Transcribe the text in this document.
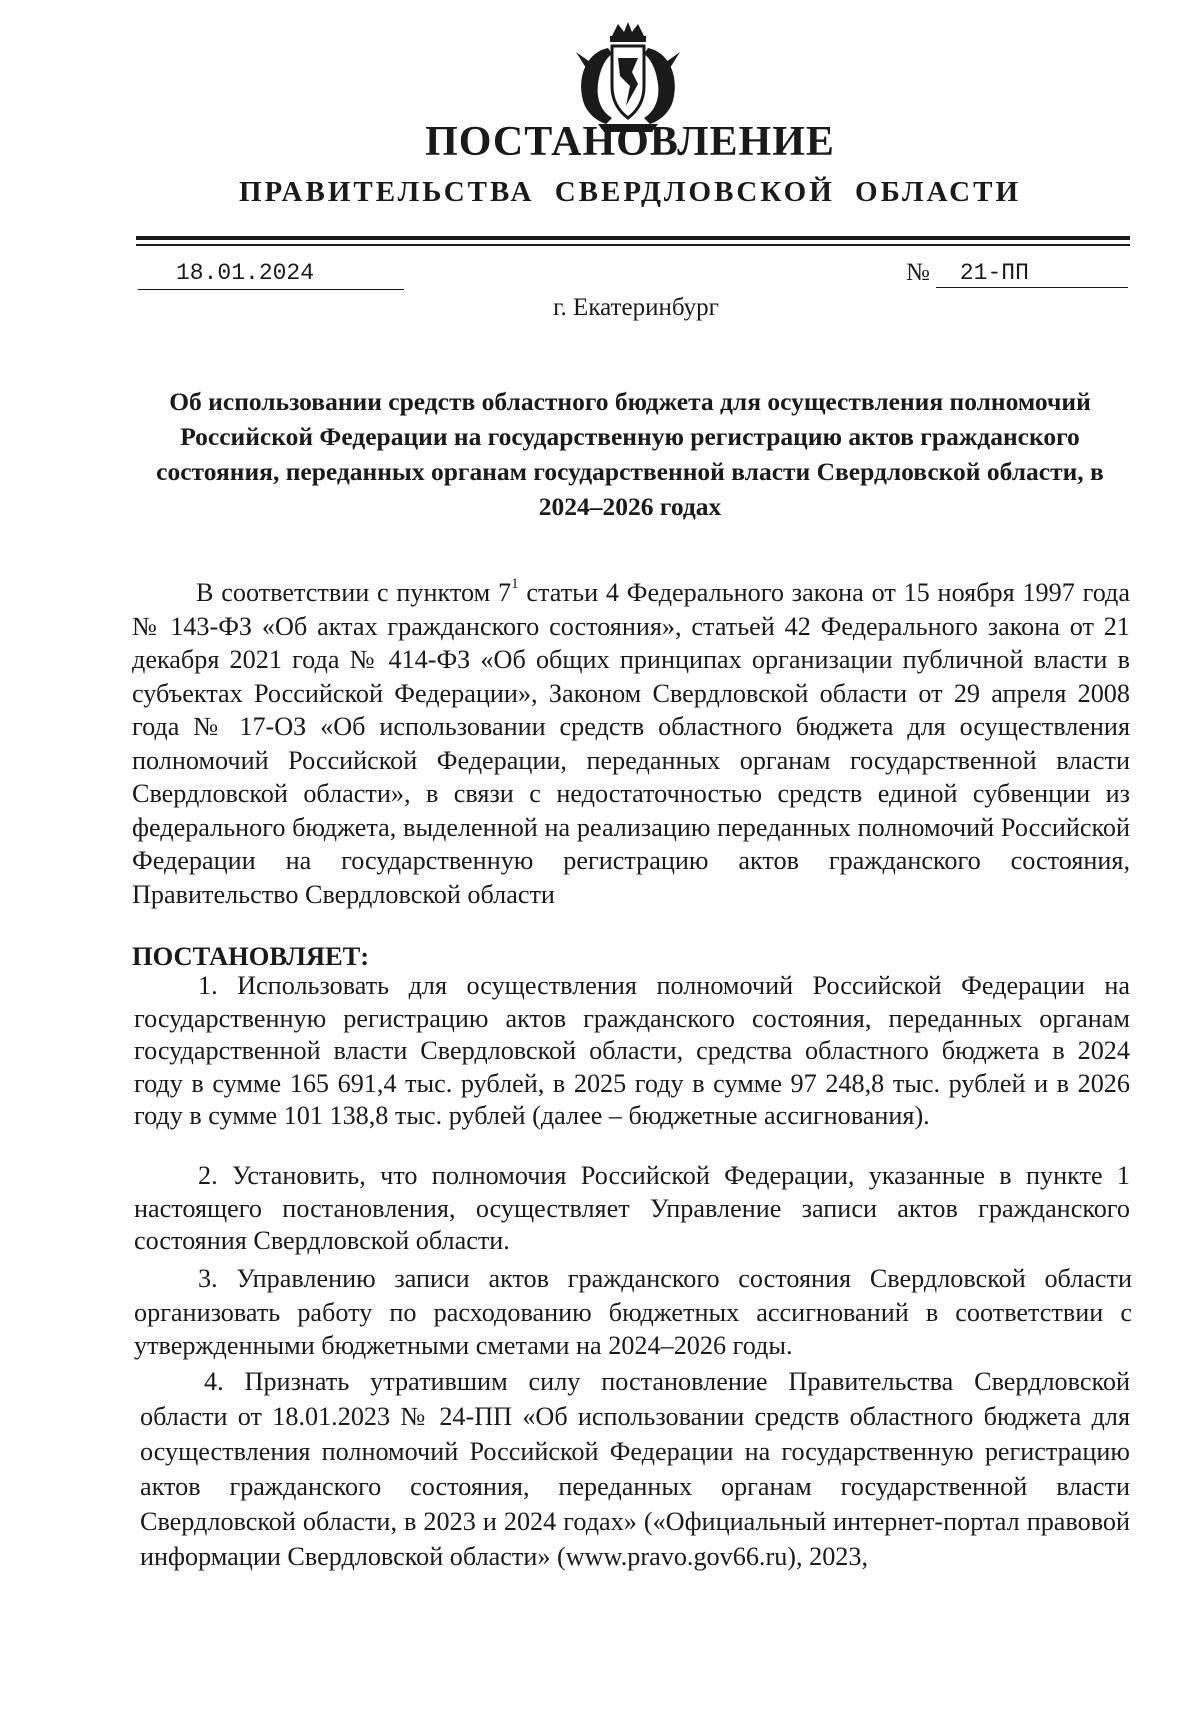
ПОСТАНОВЛЕНИЕ
ПРАВИТЕЛЬСТВА СВЕРДЛОВСКОЙ ОБЛАСТИ
18.01.2024	№ 21-ПП
г. Екатеринбург
Об использовании средств областного бюджета для осуществления полномочий Российской Федерации на государственную регистрацию актов гражданского состояния, переданных органам государственной власти Свердловской области, в 2024–2026 годах

В соответствии с пунктом $7^1$ статьи 4 Федерального закона от 15 ноября 1997 года № 143-ФЗ «Об актах гражданского состояния», статьей 42 Федерального закона от 21 декабря 2021 года № 414-ФЗ «Об общих принципах организации публичной власти в субъектах Российской Федерации», Законом Свердловской области от 29 апреля 2008 года № 17-ОЗ «Об использовании средств областного бюджета для осуществления полномочий Российской Федерации, переданных органам государственной власти Свердловской области», в связи с недостаточностью средств единой субвенции из федерального бюджета, выделенной на реализацию переданных полномочий Российской Федерации на государственную регистрацию актов гражданского состояния, Правительство Свердловской области

ПОСТАНОВЛЯЕТ:

1. Использовать для осуществления полномочий Российской Федерации на государственную регистрацию актов гражданского состояния, переданных органам государственной власти Свердловской области, средства областного бюджета в 2024 году в сумме 165 691,4 тыс. рублей, в 2025 году в сумме 97 248,8 тыс. рублей и в 2026 году в сумме 101 138,8 тыс. рублей (далее – бюджетные ассигнования).

2. Установить, что полномочия Российской Федерации, указанные в пункте 1 настоящего постановления, осуществляет Управление записи актов гражданского состояния Свердловской области.

3. Управлению записи актов гражданского состояния Свердловской области организовать работу по расходованию бюджетных ассигнований в соответствии с утвержденными бюджетными сметами на 2024–2026 годы.

4. Признать утратившим силу постановление Правительства Свердловской области от 18.01.2023 № 24-ПП «Об использовании средств областного бюджета для осуществления полномочий Российской Федерации на государственную регистрацию актов гражданского состояния, переданных органам государственной власти Свердловской области, в 2023 и 2024 годах» («Официальный интернет-портал правовой информации Свердловской области» (www.pravo.gov66.ru), 2023,
